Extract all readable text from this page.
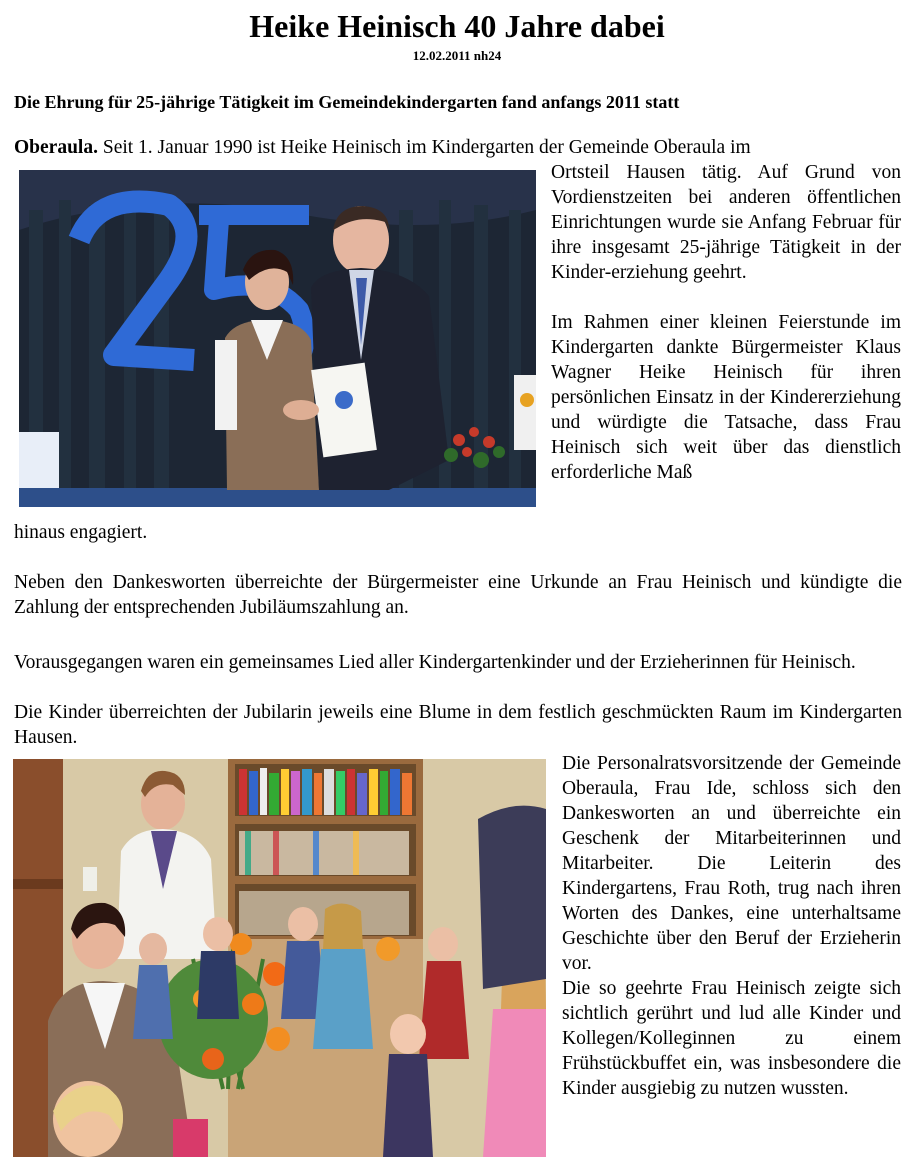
Heike Heinisch 40 Jahre dabei
12.02.2011 nh24
Die Ehrung für 25-jährige Tätigkeit im Gemeindekindergarten fand anfangs 2011 statt
Oberaula. Seit 1. Januar 1990 ist Heike Heinisch im Kindergarten der Gemeinde Oberaula im

Ortsteil Hausen tätig. Auf Grund von Vordienstzeiten bei anderen öffentlichen Einrichtungen wurde sie Anfang Februar für ihre insgesamt 25-jährige Tätigkeit in der Kinder-erziehung geehrt.

Im Rahmen einer kleinen Feierstunde im Kindergarten dankte Bürgermeister Klaus Wagner Heike Heinisch für ihren persönlichen Einsatz in der Kindererziehung und würdigte die Tatsache, dass Frau Heinisch sich weit über das dienstlich erforderliche Maß

hinaus engagiert.

Neben den Dankesworten überreichte der Bürgermeister eine Urkunde an Frau Heinisch und kündigte die Zahlung der entsprechenden Jubiläumszahlung an.

Vorausgegangen waren ein gemeinsames Lied aller Kindergartenkinder und der Erzieherinnen für Heinisch.

Die Kinder überreichten der Jubilarin jeweils eine Blume in dem festlich geschmückten Raum im Kindergarten Hausen.

Die Personalratsvorsitzende der Gemeinde Oberaula, Frau Ide, schloss sich den Dankesworten an und überreichte ein Geschenk der Mitarbeiterinnen und Mitarbeiter. Die Leiterin des Kindergartens, Frau Roth, trug nach ihren Worten des Dankes, eine unterhaltsame Geschichte über den Beruf der Erzieherin vor.

Die so geehrte Frau Heinisch zeigte sich sichtlich gerührt und lud alle Kinder und Kollegen/Kolleginnen zu einem Frühstückbuffet ein, was insbesondere die Kinder ausgiebig zu nutzen wussten.
